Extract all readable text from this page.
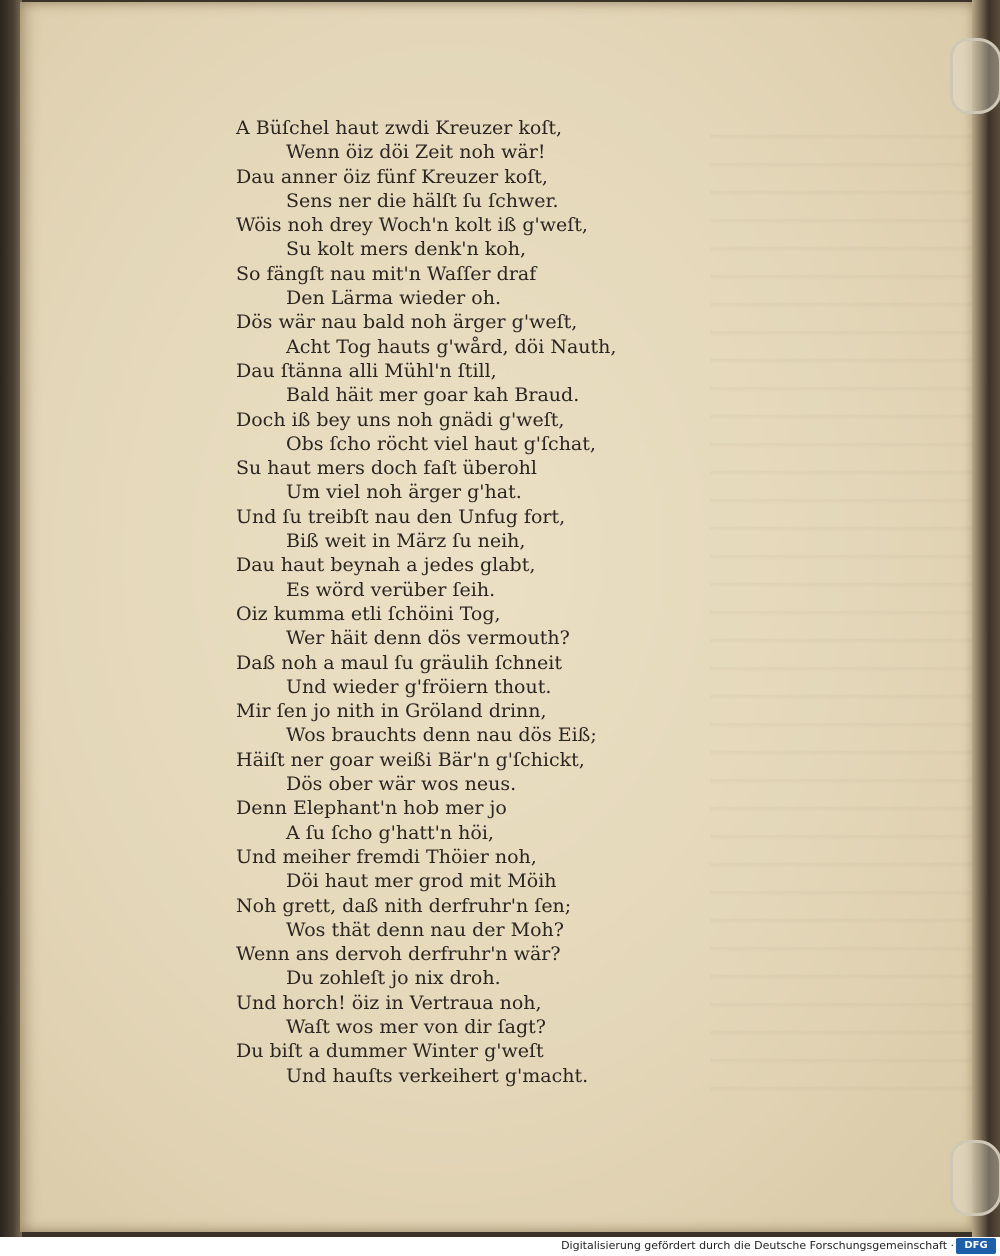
A Büſchel haut zwdi Kreuzer koſt,
Wenn öiz döi Zeit noh wär!
Dau anner öiz fünf Kreuzer koſt,
Sens ner die hälſt ſu ſchwer.
Wöis noh drey Woch'n kolt iß g'weſt,
Su kolt mers denk'n koh,
So fängſt nau mit'n Waſſer draf
Den Lärma wieder oh.
Dös wär nau bald noh ärger g'weſt,
Acht Tog hauts g'wård, döi Nauth,
Dau ſtänna alli Mühl'n ſtill,
Bald häit mer goar kah Braud.
Doch iß bey uns noh gnädi g'weſt,
Obs ſcho röcht viel haut g'ſchat,
Su haut mers doch faſt überohl
Um viel noh ärger g'hat.
Und ſu treibſt nau den Unfug fort,
Biß weit in März ſu neih,
Dau haut beynah a jedes glabt,
Es wörd verüber ſeih.
Oiz kumma etli ſchöini Tog,
Wer häit denn dös vermouth?
Daß noh a maul ſu gräulih ſchneit
Und wieder g'fröiern thout.
Mir ſen jo nith in Gröland drinn,
Wos brauchts denn nau dös Eiß;
Häiſt ner goar weißi Bär'n g'ſchickt,
Dös ober wär wos neus.
Denn Elephant'n hob mer jo
A ſu ſcho g'hatt'n höi,
Und meiher fremdi Thöier noh,
Döi haut mer grod mit Möih
Noh grett, daß nith derfruhr'n ſen;
Wos thät denn nau der Moh?
Wenn ans dervoh derfruhr'n wär?
Du zohleſt jo nix droh.
Und horch! öiz in Vertraua noh,
Waſt wos mer von dir ſagt?
Du biſt a dummer Winter g'weſt
Und hauſts verkeihert g'macht.
Digitalisierung gefördert durch die Deutsche Forschungsgemeinschaft ·	DFG
